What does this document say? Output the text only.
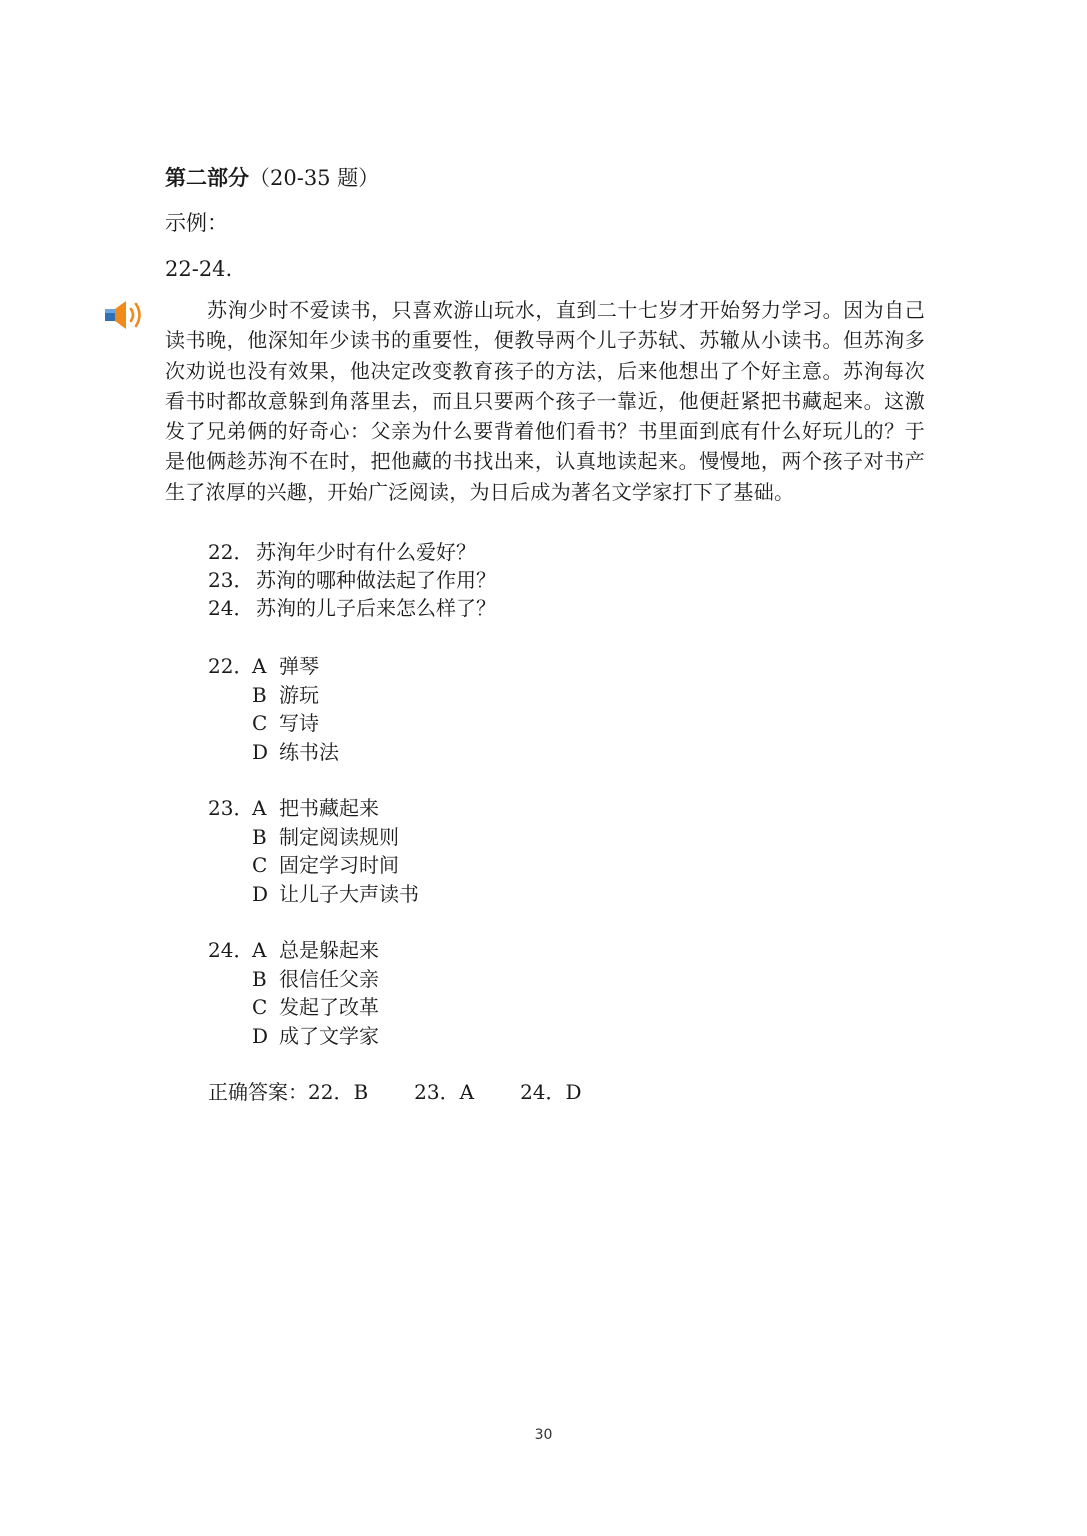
第二部分（20-35 题）
示例：
22-24.
苏洵少时不爱读书，只喜欢游山玩水，直到二十七岁才开始努力学习。因为自己读书晚，他深知年少读书的重要性，便教导两个儿子苏轼、苏辙从小读书。但苏洵多次劝说也没有效果，他决定改变教育孩子的方法，后来他想出了个好主意。苏洵每次看书时都故意躲到角落里去，而且只要两个孩子一靠近，他便赶紧把书藏起来。这激发了兄弟俩的好奇心：父亲为什么要背着他们看书？书里面到底有什么好玩儿的？于是他俩趁苏洵不在时，把他藏的书找出来，认真地读起来。慢慢地，两个孩子对书产生了浓厚的兴趣，开始广泛阅读，为日后成为著名文学家打下了基础。
22． 苏洵年少时有什么爱好？
23． 苏洵的哪种做法起了作用？
24． 苏洵的儿子后来怎么样了？
22．
A 弹琴
B 游玩
C 写诗
D 练书法
23．
A 把书藏起来
B 制定阅读规则
C 固定学习时间
D 让儿子大声读书
24．
A 总是躲起来
B 很信任父亲
C 发起了改革
D 成了文学家
正确答案： 22．B 23．A 24．D
30
